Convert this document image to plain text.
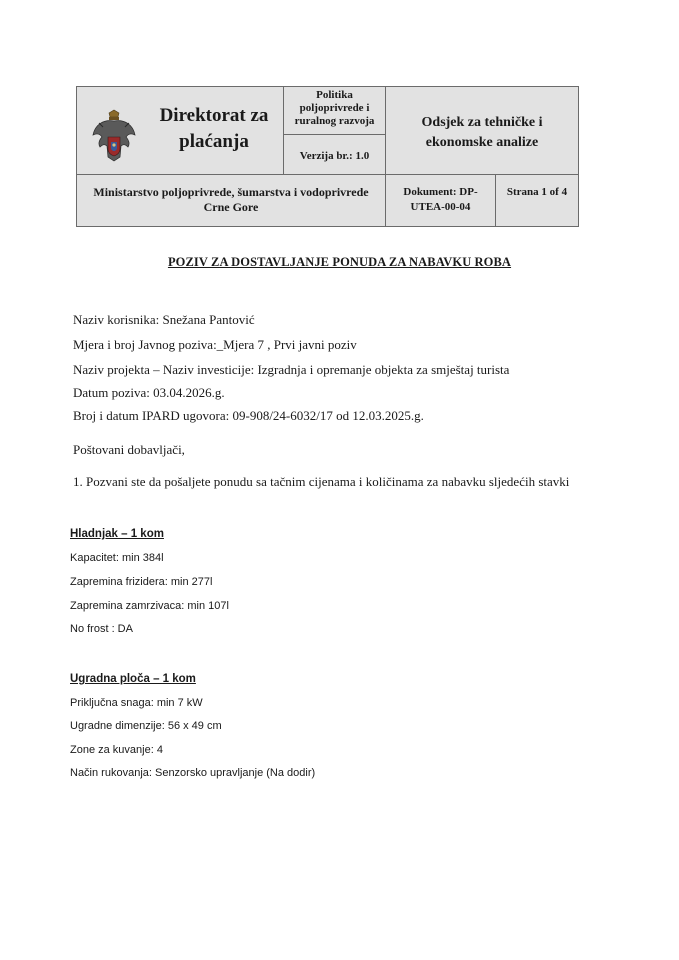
Direktorat za plaćanja
Politika
poljoprivrede i
ruralnog razvoja
Verzija br.: 1.0
Odsjek za tehničke i ekonomske analize
Ministarstvo poljoprivrede, šumarstva i vodoprivrede
Crne Gore
Dokument: DP-
UTEA-00-04
Strana 1 of 4
POZIV ZA DOSTAVLJANJE PONUDA ZA NABAVKU ROBA
Naziv korisnika: Snežana Pantović
Mjera i broj Javnog poziva:_Mjera 7 , Prvi javni poziv
Naziv projekta – Naziv investicije: Izgradnja i opremanje objekta za smještaj turista
Datum poziva: 03.04.2026.g.
Broj i datum IPARD ugovora: 09-908/24-6032/17 od 12.03.2025.g.
Poštovani dobavljači,
1. Pozvani ste da pošaljete ponudu sa tačnim cijenama i količinama za nabavku sljedećih stavki
Hladnjak – 1 kom
Kapacitet: min 384l
Zapremina frizidera: min 277l
Zapremina zamrzivaca: min 107l
No frost : DA
Ugradna ploča – 1 kom
Priključna snaga: min 7 kW
Ugradne dimenzije: 56 x 49 cm
Zone za kuvanje: 4
Način rukovanja: Senzorsko upravljanje (Na dodir)
